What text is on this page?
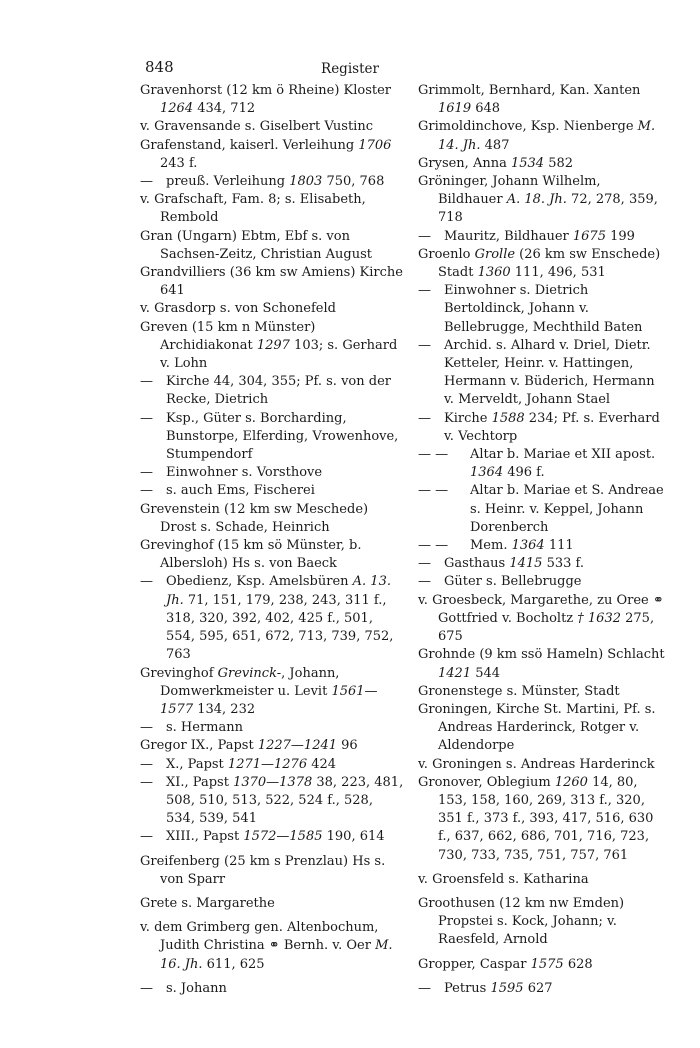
848	Register
Gravenhorst (12 km ö Rheine) Kloster 1264 434, 712
v. Gravensande s. Giselbert Vustinc
Grafenstand, kaiserl. Verleihung 1706 243 f.
—	preuß. Verleihung 1803 750, 768
v. Grafschaft, Fam. 8; s. Elisabeth, Rembold
Gran (Ungarn) Ebtm, Ebf s. von Sachsen-Zeitz, Christian August
Grandvilliers (36 km sw Amiens) Kirche 641
v. Grasdorp s. von Schonefeld
Greven (15 km n Münster) Archidiakonat 1297 103; s. Gerhard v. Lohn
—	Kirche 44, 304, 355; Pf. s. von der Recke, Dietrich
—	Ksp., Güter s. Borcharding, Bunstorpe, Elferding, Vrowenhove, Stumpendorf
—	Einwohner s. Vorsthove
—	s. auch Ems, Fischerei
Grevenstein (12 km sw Meschede) Drost s. Schade, Heinrich
Grevinghof (15 km sö Münster, b. Albersloh) Hs s. von Baeck
—	Obedienz, Ksp. Amelsbüren A. 13. Jh. 71, 151, 179, 238, 243, 311 f., 318, 320, 392, 402, 425 f., 501, 554, 595, 651, 672, 713, 739, 752, 763
Grevinghof Grevinck-, Johann, Domwerkmeister u. Levit 1561—1577 134, 232
—	s. Hermann
Gregor IX., Papst 1227—1241 96
—	X., Papst 1271—1276 424
—	XI., Papst 1370—1378 38, 223, 481, 508, 510, 513, 522, 524 f., 528, 534, 539, 541
—	XIII., Papst 1572—1585 190, 614
Greifenberg (25 km s Prenzlau) Hs s. von Sparr
Grete s. Margarethe
v. dem Grimberg gen. Altenbochum, Judith Christina ⚭ Bernh. v. Oer M. 16. Jh. 611, 625
—	s. Johann
Grimmolt, Bernhard, Kan. Xanten 1619 648
Grimoldinchove, Ksp. Nienberge M. 14. Jh. 487
Grysen, Anna 1534 582
Gröninger, Johann Wilhelm, Bildhauer A. 18. Jh. 72, 278, 359, 718
—	Mauritz, Bildhauer 1675 199
Groenlo Grolle (26 km sw Enschede) Stadt 1360 111, 496, 531
—	Einwohner s. Dietrich Bertoldinck, Johann v. Bellebrugge, Mechthild Baten
—	Archid. s. Alhard v. Driel, Dietr. Ketteler, Heinr. v. Hattingen, Hermann v. Büderich, Hermann v. Merveldt, Johann Stael
—	Kirche 1588 234; Pf. s. Everhard v. Vechtorp
— —	Altar b. Mariae et XII apost. 1364 496 f.
— —	Altar b. Mariae et S. Andreae s. Heinr. v. Keppel, Johann Dorenberch
— —	Mem. 1364 111
—	Gasthaus 1415 533 f.
—	Güter s. Bellebrugge
v. Groesbeck, Margarethe, zu Oree ⚭ Gottfried v. Bocholtz † 1632 275, 675
Grohnde (9 km ssö Hameln) Schlacht 1421 544
Gronenstege s. Münster, Stadt
Groningen, Kirche St. Martini, Pf. s. Andreas Harderinck, Rotger v. Aldendorpe
v. Groningen s. Andreas Harderinck
Gronover, Oblegium 1260 14, 80, 153, 158, 160, 269, 313 f., 320, 351 f., 373 f., 393, 417, 516, 630 f., 637, 662, 686, 701, 716, 723, 730, 733, 735, 751, 757, 761
v. Groensfeld s. Katharina
Groothusen (12 km nw Emden) Propstei s. Kock, Johann; v. Raesfeld, Arnold
Gropper, Caspar 1575 628
—	Petrus 1595 627
